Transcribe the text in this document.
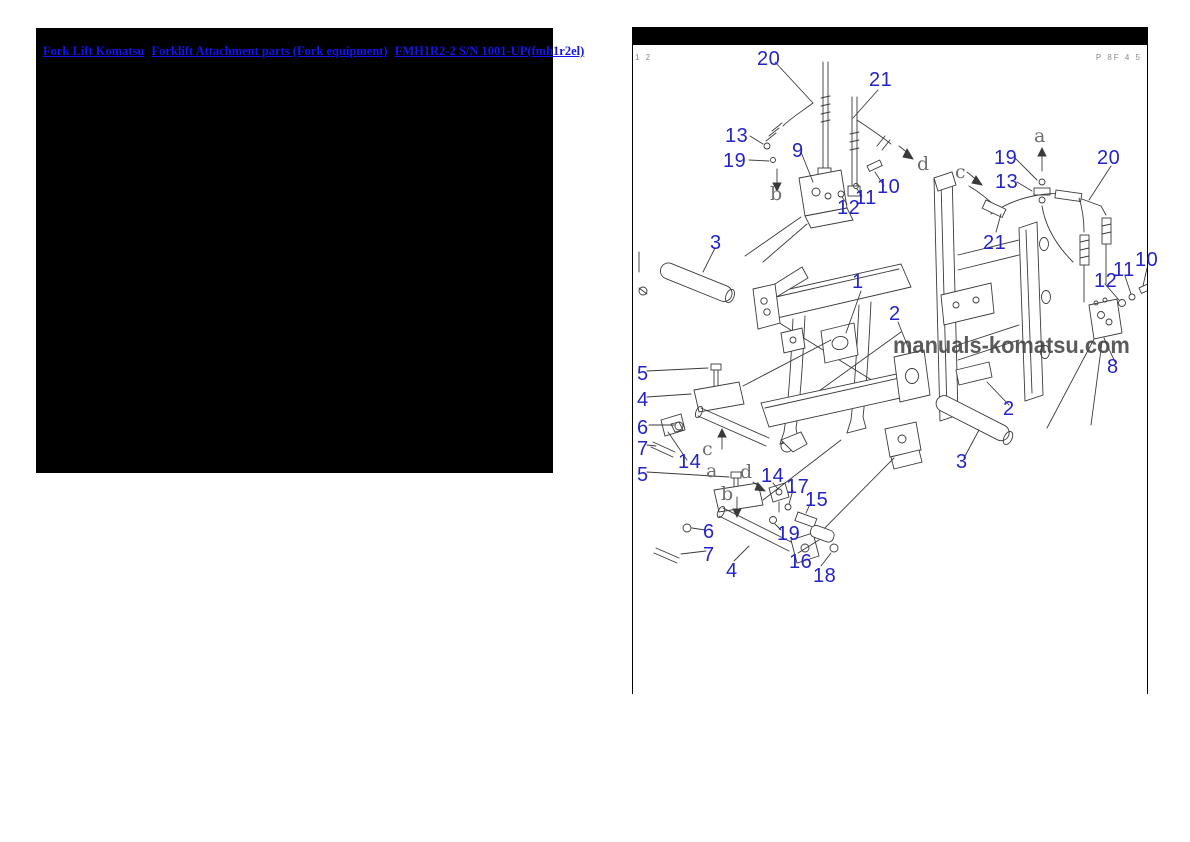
Fork Lift Komatsu Forklift Attachment parts (Fork equipment) FMH1R2-2 S/N 1001-UP(fmh1r2el)	1 2	P 8F 4 5
20
21
13
19 9
12
11 10
19
13
20
21
12
11 10
3
1
2
8
2
3
5
4
6
7
14
5	14 17
15
6	19
7
4	16
18
b
d c
a
c
a
b
d
manuals-komatsu.com
